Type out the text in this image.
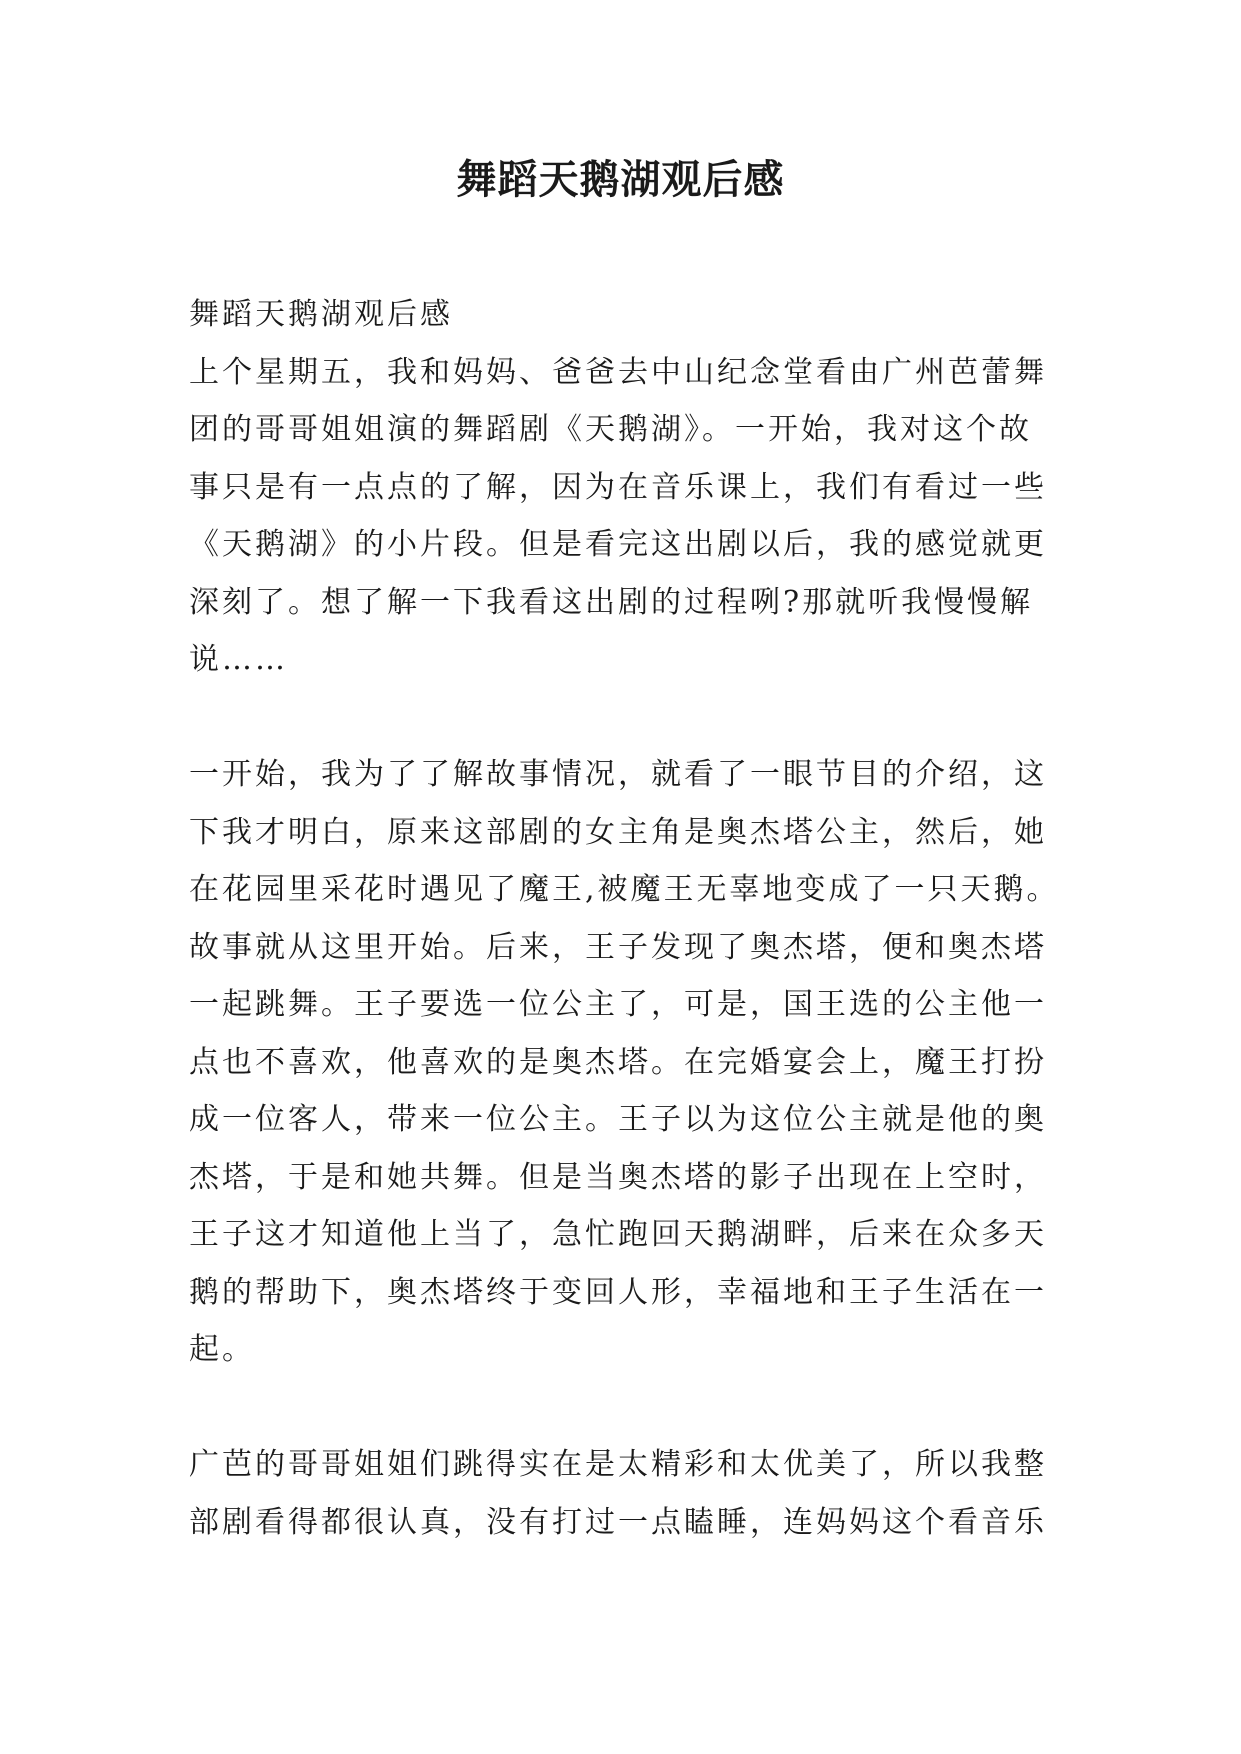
舞蹈天鹅湖观后感
舞蹈天鹅湖观后感
上个星期五，我和妈妈、爸爸去中山纪念堂看由广州芭蕾舞
团的哥哥姐姐演的舞蹈剧《天鹅湖》。一开始，我对这个故
事只是有一点点的了解，因为在音乐课上，我们有看过一些
《天鹅湖》的小片段。但是看完这出剧以后，我的感觉就更
深刻了。想了解一下我看这出剧的过程咧?那就听我慢慢解
说……
一开始，我为了了解故事情况，就看了一眼节目的介绍，这
下我才明白，原来这部剧的女主角是奥杰塔公主，然后，她
在花园里采花时遇见了魔王,被魔王无辜地变成了一只天鹅。
故事就从这里开始。后来，王子发现了奥杰塔，便和奥杰塔
一起跳舞。王子要选一位公主了，可是，国王选的公主他一
点也不喜欢，他喜欢的是奥杰塔。在完婚宴会上，魔王打扮
成一位客人，带来一位公主。王子以为这位公主就是他的奥
杰塔，于是和她共舞。但是当奥杰塔的影子出现在上空时，
王子这才知道他上当了，急忙跑回天鹅湖畔，后来在众多天
鹅的帮助下，奥杰塔终于变回人形，幸福地和王子生活在一
起。
广芭的哥哥姐姐们跳得实在是太精彩和太优美了，所以我整
部剧看得都很认真，没有打过一点瞌睡，连妈妈这个看音乐
